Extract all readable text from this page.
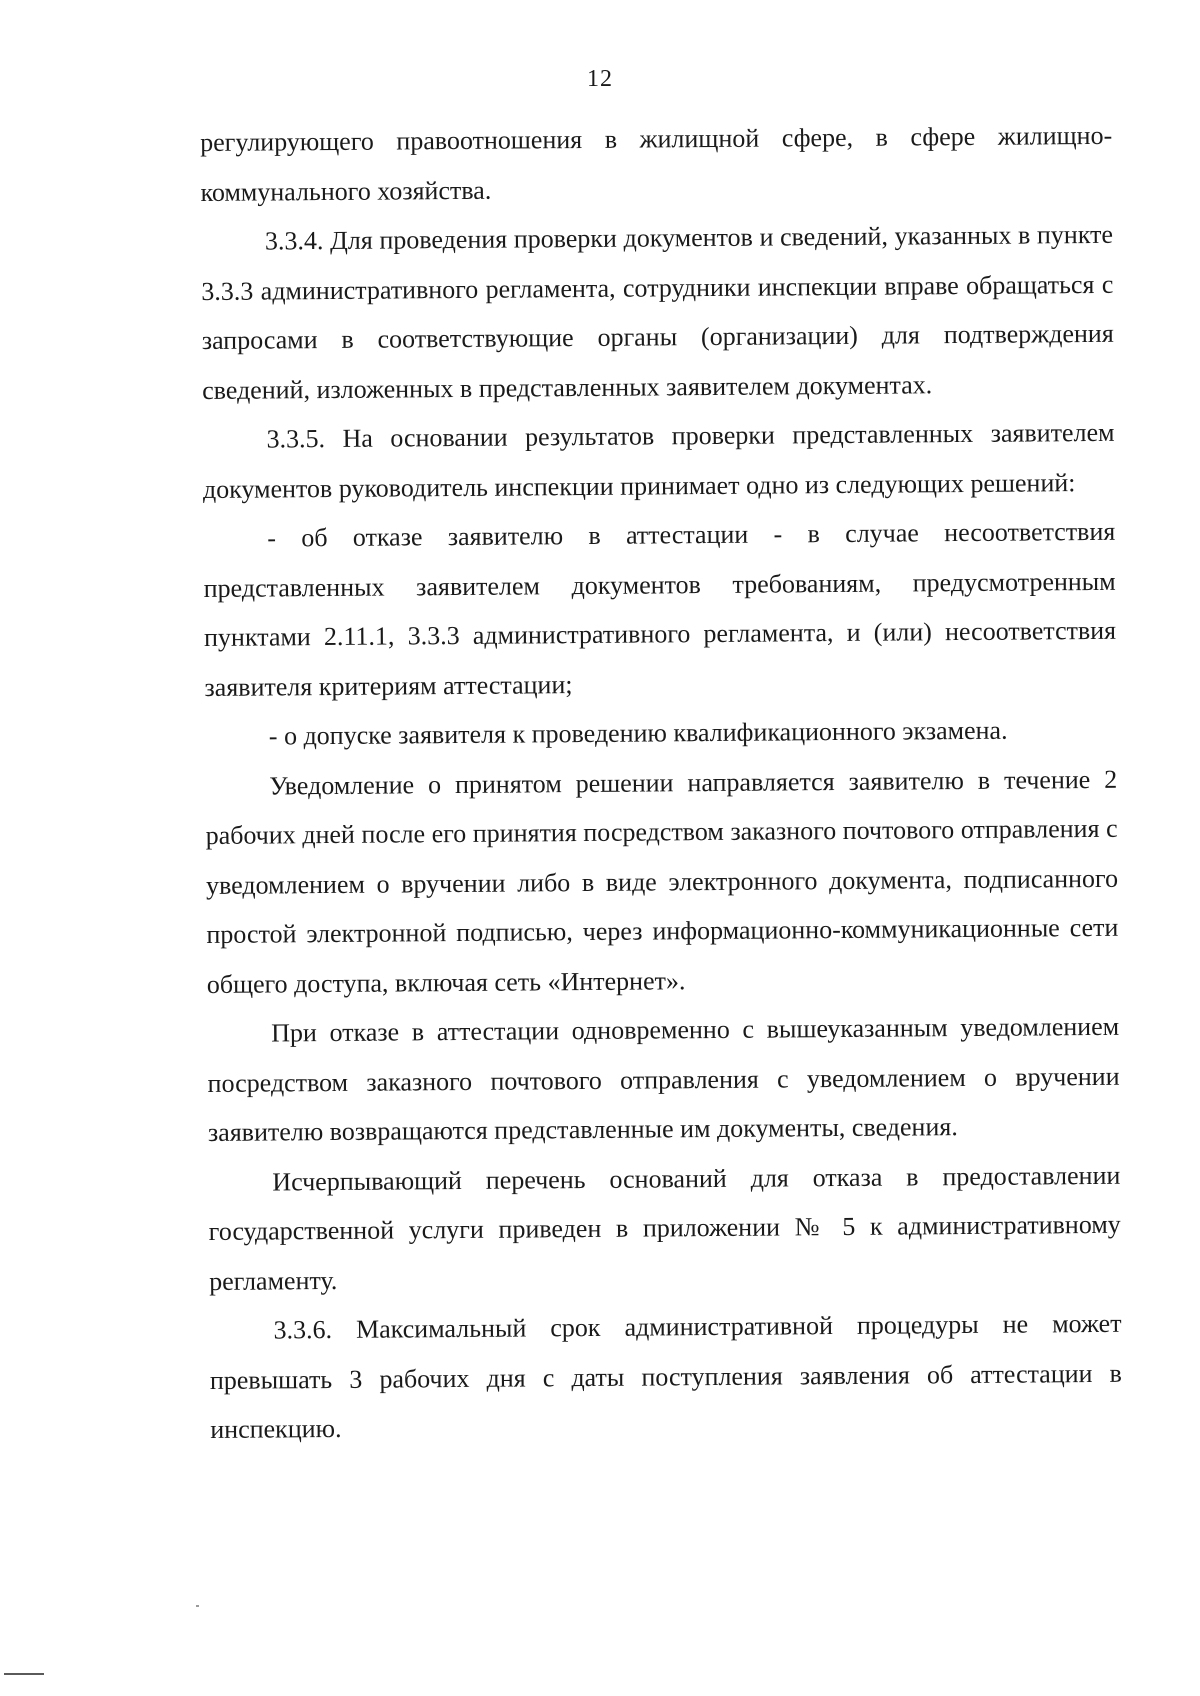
12

регулирующего правоотношения в жилищной сфере, в сфере жилищно-коммунального хозяйства.

3.3.4. Для проведения проверки документов и сведений, указанных в пункте 3.3.3 административного регламента, сотрудники инспекции вправе обращаться с запросами в соответствующие органы (организации) для подтверждения сведений, изложенных в представленных заявителем документах.

3.3.5. На основании результатов проверки представленных заявителем документов руководитель инспекции принимает одно из следующих решений:

- об отказе заявителю в аттестации - в случае несоответствия представленных заявителем документов требованиям, предусмотренным пунктами 2.11.1, 3.3.3 административного регламента, и (или) несоответствия заявителя критериям аттестации;

- о допуске заявителя к проведению квалификационного экзамена.

Уведомление о принятом решении направляется заявителю в течение 2 рабочих дней после его принятия посредством заказного почтового отправления с уведомлением о вручении либо в виде электронного документа, подписанного простой электронной подписью, через информационно-коммуникационные сети общего доступа, включая сеть «Интернет».

При отказе в аттестации одновременно с вышеуказанным уведомлением посредством заказного почтового отправления с уведомлением о вручении заявителю возвращаются представленные им документы, сведения.

Исчерпывающий перечень оснований для отказа в предоставлении государственной услуги приведен в приложении № 5 к административному регламенту.

3.3.6. Максимальный срок административной процедуры не может превышать 3 рабочих дня с даты поступления заявления об аттестации в инспекцию.
